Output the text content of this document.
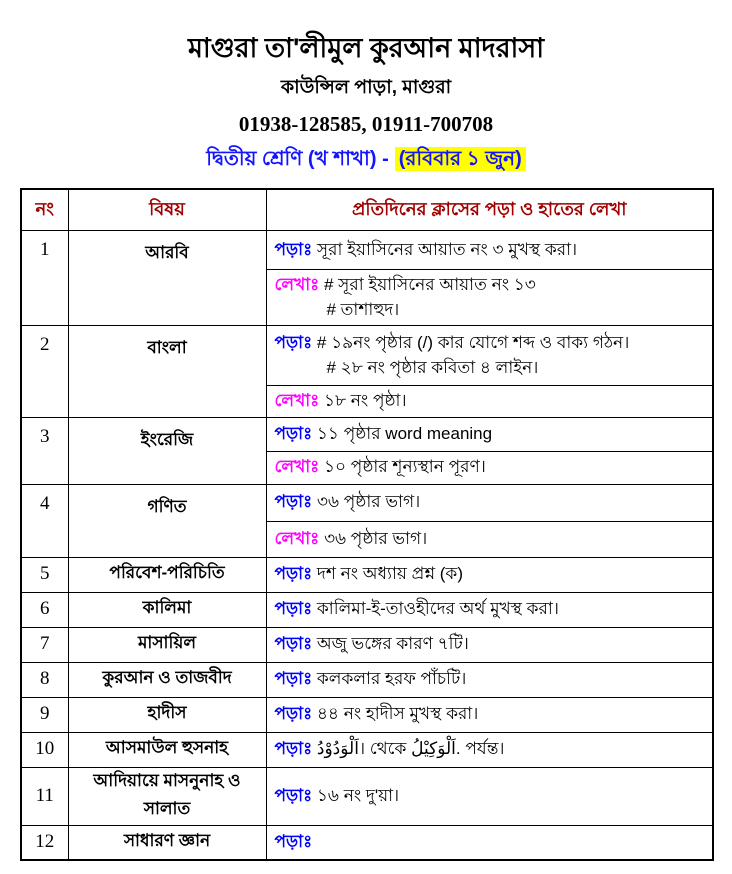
মাগুরা তা'লীমুল কুরআন মাদরাসা
কাউন্সিল পাড়া, মাগুরা
01938-128585, 01911-700708
দ্বিতীয় শ্রেণি (খ শাখা) - (রবিবার ১ জুন)
নং	বিষয়	প্রতিদিনের ক্লাসের পড়া ও হাতের লেখা
1	আরবি	পড়াঃ সূরা ইয়াসিনের আয়াত নং ৩ মুখস্থ করা।

		লেখাঃ # সূরা ইয়াসিনের আয়াত নং ১৩
# তাশাহুদ।

2	বাংলা	পড়াঃ # ১৯নং পৃষ্ঠার (/) কার যোগে শব্দ ও বাক্য গঠন।
# ২৮ নং পৃষ্ঠার কবিতা ৪ লাইন।

		লেখাঃ ১৮ নং পৃষ্ঠা।
3	ইংরেজি	পড়াঃ ১১ পৃষ্ঠার word meaning
		লেখাঃ ১০ পৃষ্ঠার শূন্যস্থান পূরণ।
4	গণিত	পড়াঃ ৩৬ পৃষ্ঠার ভাগ।
		লেখাঃ ৩৬ পৃষ্ঠার ভাগ।
5	পরিবেশ-পরিচিতি	পড়াঃ দশ নং অধ্যায় প্রশ্ন (ক)
6	কালিমা	পড়াঃ কালিমা-ই-তাওহীদের অর্থ মুখস্থ করা।
7	মাসায়িল	পড়াঃ অজু ভঙ্গের কারণ ৭টি।
8	কুরআন ও তাজবীদ	পড়াঃ কলকলার হরফ পাঁচটি।
9	হাদীস	পড়াঃ ৪৪ নং হাদীস মুখস্থ করা।
10	আসমাউল হুসনাহ	পড়াঃ اَلْوَدُوْدُ। থেকে اَلْوَكِيْلُ. পর্যন্ত।
11	আদিয়ায়ে মাসনুনাহ ও সালাত	পড়াঃ ১৬ নং দু'য়া।
12	সাধারণ জ্ঞান	পড়াঃ
